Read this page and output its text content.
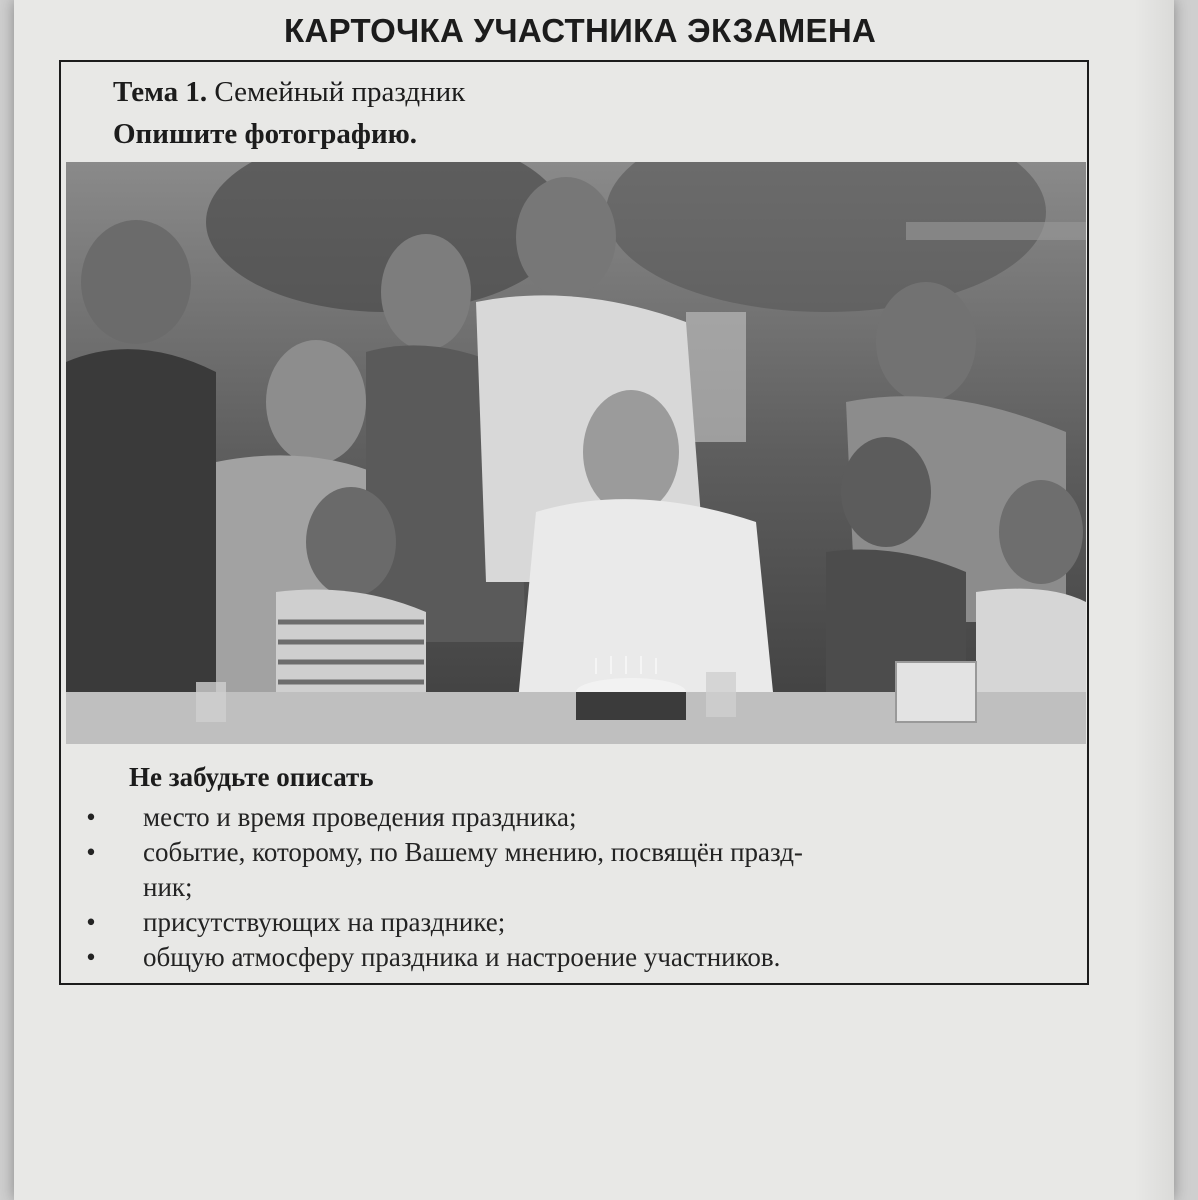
КАРТОЧКА УЧАСТНИКА ЭКЗАМЕНА
Тема 1. Семейный праздник
Опишите фотографию.
Не забудьте описать
• место и время проведения праздника;
• событие, которому, по Вашему мнению, посвящён празд-
ник;
• присутствующих на празднике;
• общую атмосферу праздника и настроение участников.
